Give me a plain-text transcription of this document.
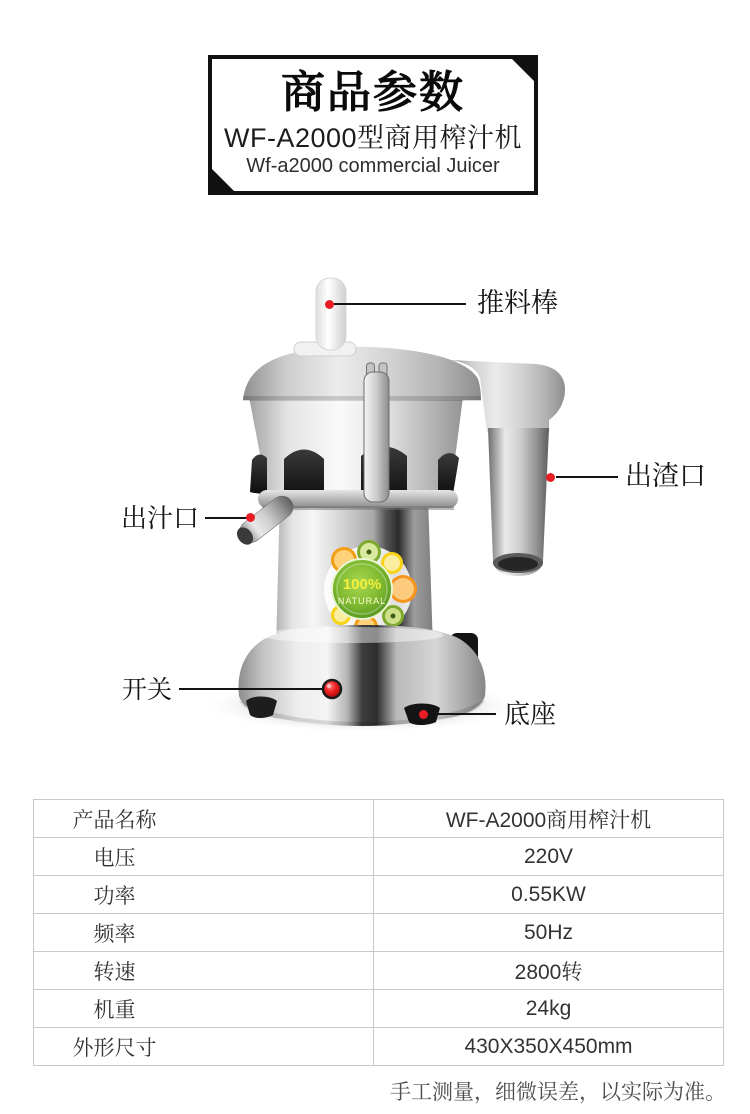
商品参数

WF-A2000型商用榨汁机

Wf-a2000 commercial Juicer

100%
NATURAL
推料棒
出渣口
出汁口
开关
底座
产品名称	WF-A2000商用榨汁机
电压	220V
功率	0.55KW
频率	50Hz
转速	2800转
机重	24kg
外形尺寸	430X350X450mm

手工测量，细微误差，以实际为准。
